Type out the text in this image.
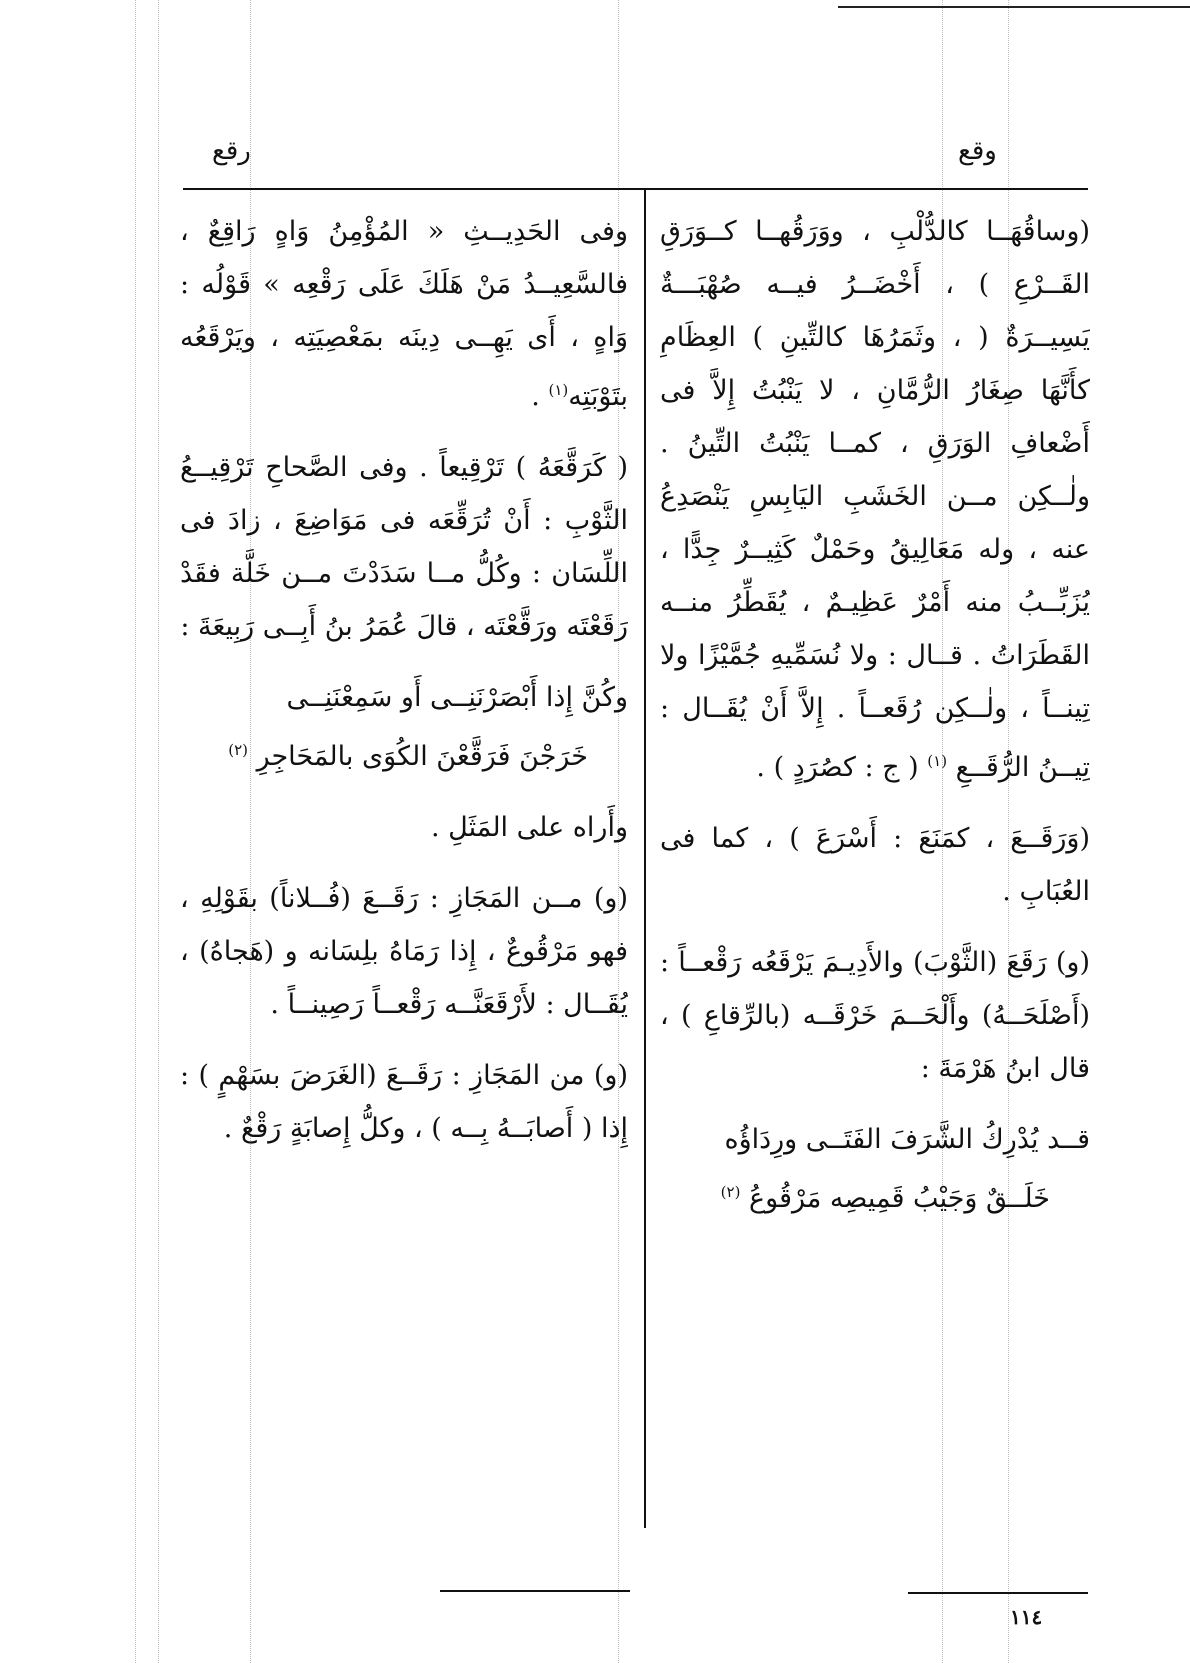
وقع
رقع

(وساقُهَــا كالدُّلْبِ ، ووَرَقُهــا كــوَرَقِ القَــرْعِ ) ، أَخْضَــرُ فيــه صُهْبَـــةٌ يَسِيــرَةٌ ( ، وثَمَرُهَا كالتِّينِ ) العِظَامِ كأَنَّهَا صِغَارُ الرُّمَّانِ ، لا يَنْبُتُ إِلاَّ فى أَضْعافِ الوَرَقِ ، كمــا يَنْبُتُ التِّينُ . ولٰــكِن مــن الخَشَبِ اليَابِسِ يَنْصَدِعُ عنه ، وله مَعَالِيقُ وحَمْلٌ كَثِيــرٌ جِدًّا ، يُزَبِّــبُ منه أَمْرٌ عَظِيـمٌ ، يُقَطِّرُ منــه القَطَرَاتُ . قــال : ولا نُسَمِّيهِ جُمَّيْزًا ولا تِينــاً ، ولٰــكِن رُقَعــاً . إِلاَّ أَنْ يُقَــال : تِيــنُ الرُّقَــعِ $^{(١)}$ ( ج : كصُرَدٍ ) .

(وَرَقَــعَ ، كمَنَعَ : أَسْرَعَ ) ، كما فى العُبَابِ .

(و) رَقَعَ (الثَّوْبَ) والأَدِيـمَ يَرْقَعُه رَقْعــاً : (أَصْلَحَــهُ) وأَلْحَــمَ خَرْقَــه (بالرِّقاعِ ) ، قال ابنُ هَرْمَةَ :

قــد يُدْرِكُ الشَّرَفَ الفَتَــى ورِدَاؤُه
خَلَــقٌ وَجَيْبُ قَمِيصِه مَرْقُوعُ $^{(٢)}$

وفى الحَدِيــثِ « المُؤْمِنُ وَاهٍ رَاقِعٌ ، فالسَّعِيــدُ مَنْ هَلَكَ عَلَى رَقْعِه » قَوْلُه : وَاهٍ ، أَى يَهِــى دِينَه بمَعْصِيَتِه ، ويَرْقَعُه بتَوْبَتِه$^{(١)}$ .

( كَرَقَّعَهُ ) تَرْقِيعاً . وفى الصَّحاحِ تَرْقِيــعُ الثَّوْبِ : أَنْ تُرَقِّعَه فى مَوَاضِعَ ، زادَ فى اللِّسَان : وكُلُّ مــا سَدَدْتَ مــن خَلَّة فقَدْ رَقَعْتَه ورَقَّعْتَه ، قالَ عُمَرُ بنُ أَبِــى رَبِيعَةَ :

وكُنَّ إِذا أَبْصَرْنَنِــى أَو سَمِعْنَنِــى
خَرَجْنَ فَرَقَّعْنَ الكُوَى بالمَحَاجِرِ $^{(٢)}$

وأَراه على المَثَلِ .

(و) مــن المَجَازِ : رَقَــعَ (فُــلاناً) بقَوْلِهِ ، فهو مَرْقُوعٌ ، إِذا رَمَاهُ بلِسَانه و (هَجاهُ) ، يُقَــال : لأَرْقَعَنَّــه رَقْعــاً رَصِينــاً .

(و) من المَجَازِ : رَقَــعَ (الغَرَضَ بسَهْمٍ ) : إِذا ( أَصابَــهُ بِــه ) ، وكلُّ إِصابَةٍ رَقْعٌ .

١١٤
